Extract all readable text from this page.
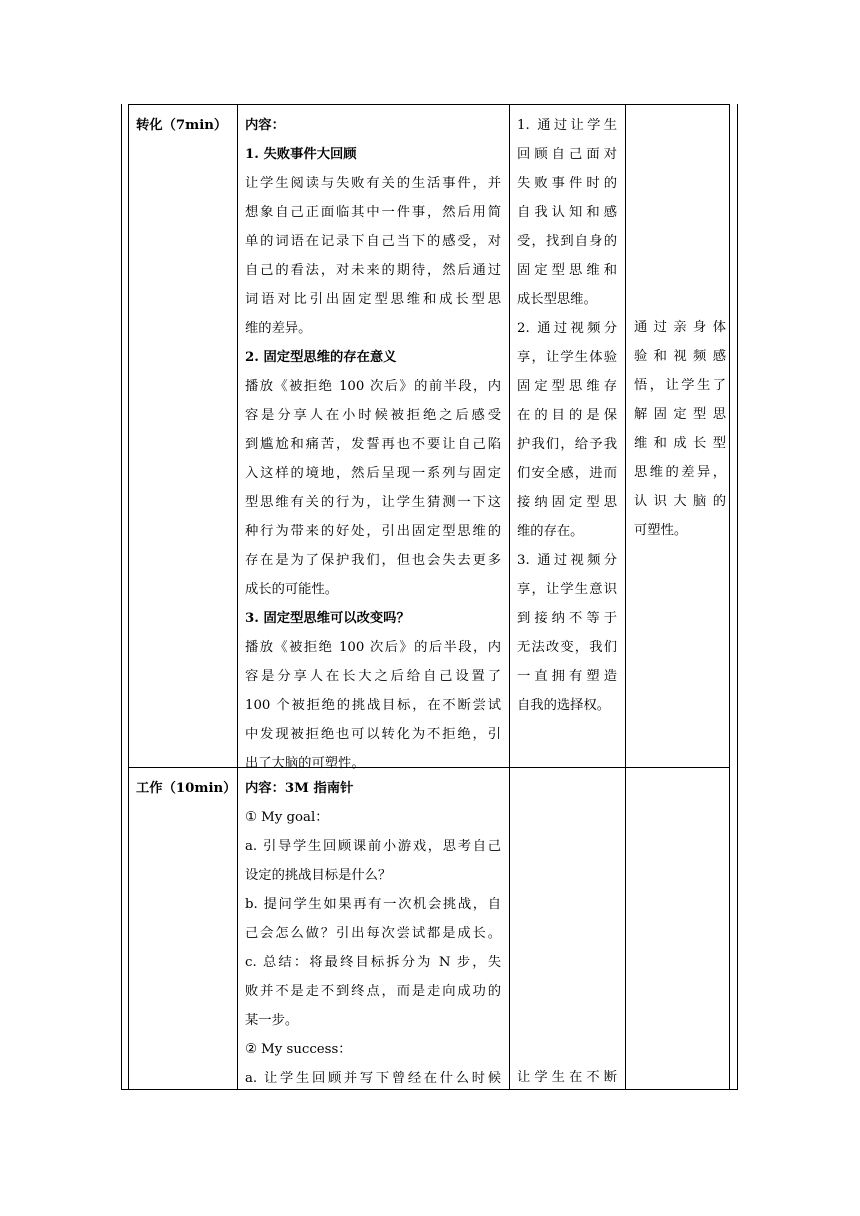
转化（7min） 内容：

1. 失败事件大回顾

让学生阅读与失败有关的生活事件，并

想象自己正面临其中一件事，然后用简

单的词语在记录下自己当下的感受，对

自己的看法，对未来的期待，然后通过

词语对比引出固定型思维和成长型思

维的差异。

2. 固定型思维的存在意义

播放《被拒绝 100 次后》的前半段，内

容是分享人在小时候被拒绝之后感受

到尴尬和痛苦，发誓再也不要让自己陷

入这样的境地，然后呈现一系列与固定

型思维有关的行为，让学生猜测一下这

种行为带来的好处，引出固定型思维的

存在是为了保护我们，但也会失去更多

成长的可能性。

3. 固定型思维可以改变吗？

播放《被拒绝 100 次后》的后半段，内

容是分享人在长大之后给自己设置了

100 个被拒绝的挑战目标，在不断尝试

中发现被拒绝也可以转化为不拒绝，引

出了大脑的可塑性。

1. 通过让学生

回顾自己面对

失败事件时的

自我认知和感

受，找到自身的

固定型思维和

成长型思维。

2. 通过视频分

享，让学生体验

固定型思维存

在的目的是保

护我们，给予我

们安全感，进而

接纳固定型思

维的存在。

3. 通过视频分

享，让学生意识

到接纳不等于

无法改变，我们

一直拥有塑造

自我的选择权。

通过亲身体

验和视频感

悟，让学生了

解固定型思

维和成长型

思维的差异，

认识大脑的

可塑性。

工作（10min） 内容：3M 指南针

① My goal：

a. 引导学生回顾课前小游戏，思考自己

设定的挑战目标是什么？

b. 提问学生如果再有一次机会挑战，自

己会怎么做？引出每次尝试都是成长。

c. 总结：将最终目标拆分为 N 步，失

败并不是走不到终点，而是走向成功的

某一步。

② My success：

a. 让学生回顾并写下曾经在什么时候 让学生在不断
